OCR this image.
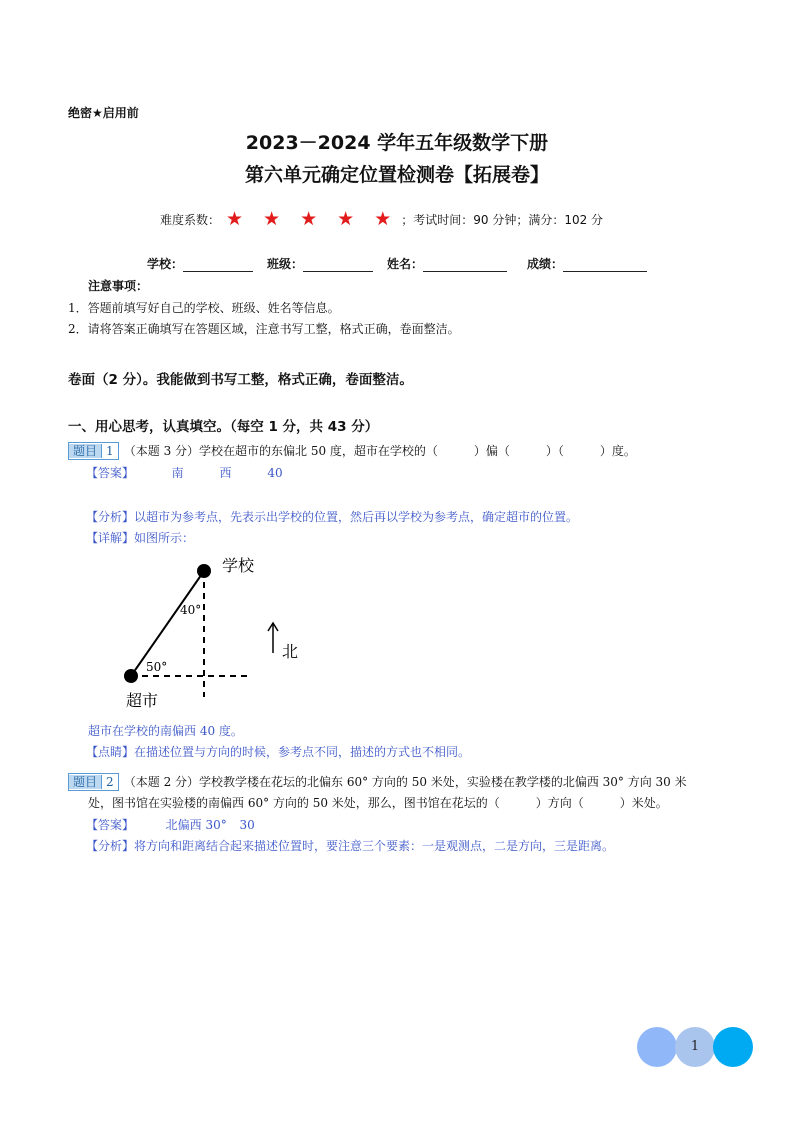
绝密★启用前
2023－2024 学年五年级数学下册
第六单元确定位置检测卷【拓展卷】
难度系数： ★ ★ ★ ★ ★ ；考试时间：90 分钟；满分：102 分
学校：	班级：	姓名：	成绩：
注意事项：
1．答题前填写好自己的学校、班级、姓名等信息。
2．请将答案正确填写在答题区域，注意书写工整，格式正确，卷面整洁。
卷面（2 分）。我能做到书写工整，格式正确，卷面整洁。
一、用心思考，认真填空。（每空 1 分，共 43 分）
题目 1 （本题 3 分）学校在超市的东偏北 50 度，超市在学校的（　　　）偏（　　　）（　　　）度。
【答案】	南	西	40
【分析】以超市为参考点，先表示出学校的位置，然后再以学校为参考点，确定超市的位置。
【详解】如图所示：
学校
超市
40°
50°
北
超市在学校的南偏西 40 度。
【点睛】在描述位置与方向的时候，参考点不同，描述的方式也不相同。
题目 2 （本题 2 分）学校教学楼在花坛的北偏东 60° 方向的 50 米处，实验楼在教学楼的北偏西 30° 方向 30 米
处，图书馆在实验楼的南偏西 60° 方向的 50 米处，那么，图书馆在花坛的（　　　）方向（　　　）米处。
【答案】	北偏西 30° 30
【分析】将方向和距离结合起来描述位置时，要注意三个要素：一是观测点，二是方向，三是距离。
1
